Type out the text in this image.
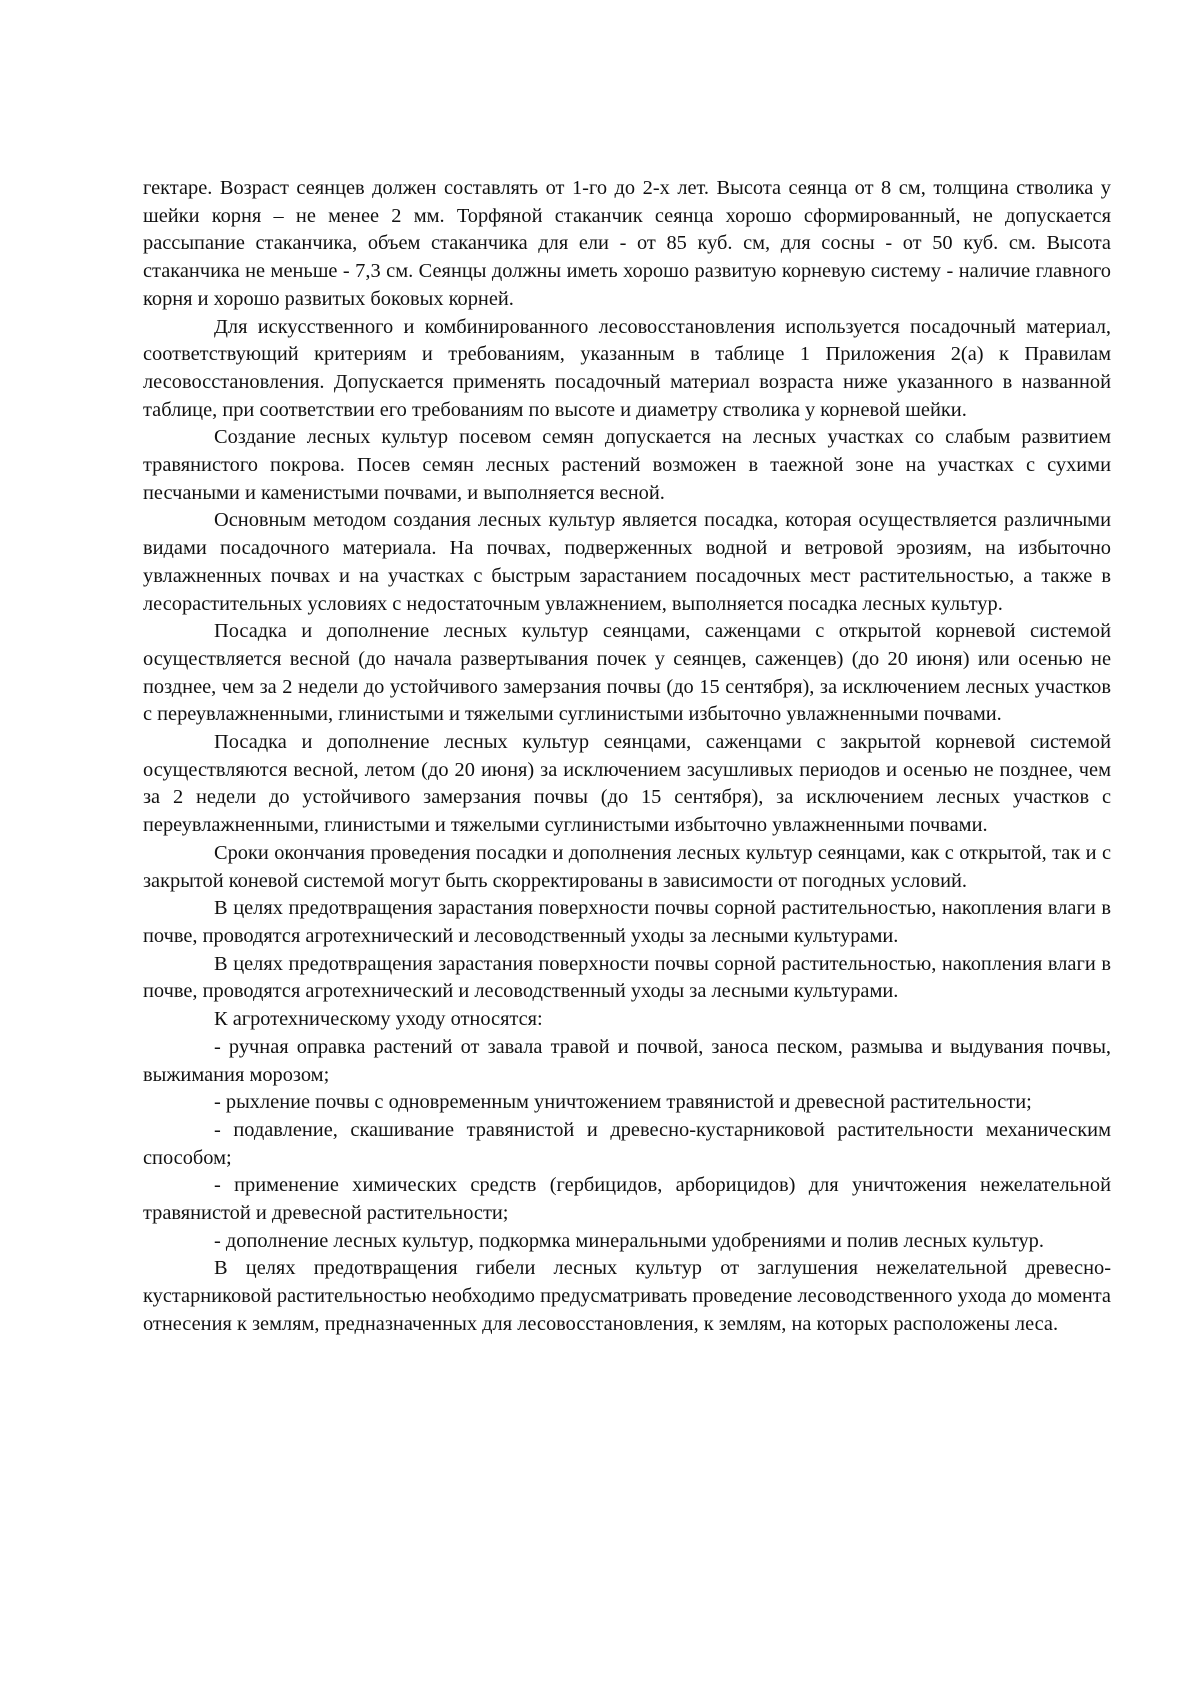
гектаре. Возраст сеянцев должен составлять от 1-го до 2-х лет. Высота сеянца от 8 см, толщина стволика у шейки корня – не менее 2 мм. Торфяной стаканчик сеянца хорошо сформированный, не допускается рассыпание стаканчика, объем стаканчика для ели - от 85 куб. см, для сосны - от 50 куб. см. Высота стаканчика не меньше - 7,3 см. Сеянцы должны иметь хорошо развитую корневую систему - наличие главного корня и хорошо развитых боковых корней.

Для искусственного и комбинированного лесовосстановления используется посадочный материал, соответствующий критериям и требованиям, указанным в таблице 1 Приложения 2(а) к Правилам лесовосстановления. Допускается применять посадочный материал возраста ниже указанного в названной таблице, при соответствии его требованиям по высоте и диаметру стволика у корневой шейки.

Создание лесных культур посевом семян допускается на лесных участках со слабым развитием травянистого покрова. Посев семян лесных растений возможен в таежной зоне на участках с сухими песчаными и каменистыми почвами, и выполняется весной.

Основным методом создания лесных культур является посадка, которая осуществляется различными видами посадочного материала. На почвах, подверженных водной и ветровой эрозиям, на избыточно увлажненных почвах и на участках с быстрым зарастанием посадочных мест растительностью, а также в лесорастительных условиях с недостаточным увлажнением, выполняется посадка лесных культур.

Посадка и дополнение лесных культур сеянцами, саженцами с открытой корневой системой осуществляется весной (до начала развертывания почек у сеянцев, саженцев) (до 20 июня) или осенью не позднее, чем за 2 недели до устойчивого замерзания почвы (до 15 сентября), за исключением лесных участков с переувлажненными, глинистыми и тяжелыми суглинистыми избыточно увлажненными почвами.

Посадка и дополнение лесных культур сеянцами, саженцами с закрытой корневой системой осуществляются весной, летом (до 20 июня) за исключением засушливых периодов и осенью не позднее, чем за 2 недели до устойчивого замерзания почвы (до 15 сентября), за исключением лесных участков с переувлажненными, глинистыми и тяжелыми суглинистыми избыточно увлажненными почвами.

Сроки окончания проведения посадки и дополнения лесных культур сеянцами, как с открытой, так и с закрытой коневой системой могут быть скорректированы в зависимости от погодных условий.

В целях предотвращения зарастания поверхности почвы сорной растительностью, накопления влаги в почве, проводятся агротехнический и лесоводственный уходы за лесными культурами.

В целях предотвращения зарастания поверхности почвы сорной растительностью, накопления влаги в почве, проводятся агротехнический и лесоводственный уходы за лесными культурами.

К агротехническому уходу относятся:

- ручная оправка растений от завала травой и почвой, заноса песком, размыва и выдувания почвы, выжимания морозом;

- рыхление почвы с одновременным уничтожением травянистой и древесной растительности;

- подавление, скашивание травянистой и древесно-кустарниковой растительности механическим способом;

- применение химических средств (гербицидов, арборицидов) для уничтожения нежелательной травянистой и древесной растительности;

- дополнение лесных культур, подкормка минеральными удобрениями и полив лесных культур.

В целях предотвращения гибели лесных культур от заглушения нежелательной древесно-кустарниковой растительностью необходимо предусматривать проведение лесоводственного ухода до момента отнесения к землям, предназначенных для лесовосстановления, к землям, на которых расположены леса.
